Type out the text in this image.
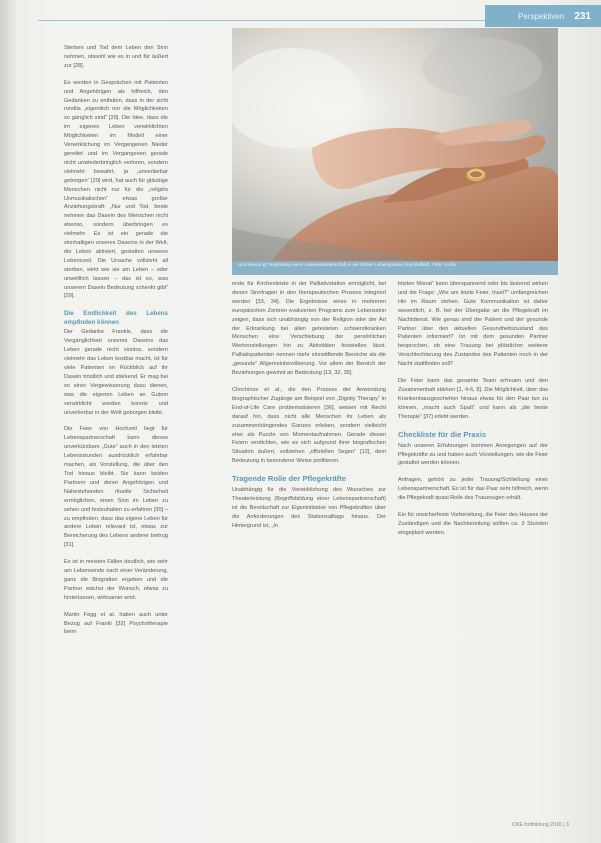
Perspektiven 231

Sterben und Tod dem Leben den Sinn nehmen, obwohl wie es in und für äußert zur [28].

Es werden in Gesprächen mit Patienten und Angehörigen als hilfreich, den Gedanken zu entfalten, dass in der sicht rundlia „eigentlich nur die Möglichkeiten so gänglich sind“ [29]. Die Idee, dass die im eigenen Leben verwirklichten Möglichkeiten im Modell einer Verwirklichung im Vergangenen Nieder gerettet und im Vergangenen gerade nicht unwiederbringlich verloren, sondern vielmehr bewahrt, ja „unverlierbar geborgen“ [29] wird, hat auch für gläubige Menschen nicht nur für die „religiös Unmusikalischen“ etwas großer Anziehungskraft: „Nur und Tod, beide nehmen das Dasein des Menschen nicht ebenso, sondern überbringen es vielmehr. Es ist ein gerade die sinnhaltigen unseres Daseins in der Welt, die Leben aktiviert, gestalten unseres Lebenszeit. Die Ursache vollzieht all sterben, wirkt wie sie am Leben – oder unweltlich lassen – das ist es, was unserem Dasein Bedeutung schenkt gibt“ [29].

Die Endlichkeit des Lebens empfinden können

Der Gedanke Frankls, dass die Vergänglichkeit unseres Daseins das Leben gerade nicht sinnlos, sondern vielmehr das Leben kostbar macht, ist für viele Patienten im Rückblick auf ihr Dasein tröstlich und stärkend. Er mag bei so einer Vergewisserung dazu dienen, was die eigenen Leben an Gutem verwirklicht werden konnte und unverlierbar in der Welt geborgen bleibt.

Die Feier von Hochzeit liegt für Lebenspartnerschaft kann dieses unverkürzbare „Gute“ auch in den letzten Lebensstunden ausdrücklich erfahrbar machen, als Vorstellung, die über den Tod hinaus bleibt. Sie kann beiden Partnern und deren Angehörigen und Nahestehenden rituelle Sicherheit ermöglichen, einen Sinn im Leben zu sehen und festzuhalten zu erfahren [30] – zu empfinden, dass das eigene Leben für andere Leben relevant ist, etwas zur Bereicherung des Lebens anderer beitrug [31].

Es ist in meisten Fällen deutlich, wie sehr am Lebensende nach einer Veränderung, ganz die Biografien ergeben und die Partner wächst der Wunsch, etwas zu hinterlassen, wirksamer wird.

Martin Fegg et al. haben auch unter Bezug auf Frankl [32] Psychotherapie beim

Hochfeierung? Begleitung eines Lebenspartnerschaft in der letzten Lebensphase (Symbolbild). Foto: Archiv

erste für Kirchenleiste in der Palliativstation ermöglicht, bei denen Sinnfragen in den therapeutischen Prozess integriert werden [33, 34]. Die Ergebnisse eines in mehreren europäischen Zentren evaluierten Programs zum Lebenssinn zeigen, dass sich unabhängig von der Religion oder der Art der Erkrankung bei allen getesteten schwerstkranken Menschen eine Verschiebung der persönlichen Wertvorstellungen hin zu Aktivitäten feststellen lässt. Palliativpatienten nennen mehr sinnstiftende Bereiche als die „gesunde“ Allgemeinbevölkerung. Vor allem der Bereich der Beziehungen gewinnt an Bedeutung [13, 32, 35].

Chochinov et al., die den Prozess der Anwendung biographischer Zugänge am Beispiel von „Dignity Therapy“ in End-of-Life Care problematisieren [36], weisen mit Recht darauf hin, dass nicht alle Menschen ihr Leben als zusammenhängendes Ganzes erleben, sondern vielleicht eher als Puzzle von Momentaufnahmen. Gerade diesen Feiern verdichten, wie es sich aufgrund ihrer biografischen Situation äußert, vollziehen „offiziellen Segen“ [12], dem Bedeutung in besonderer Weise profitieren.

Tragende Rolle der Pflegekräfte

Unabhängig für die Verwirklichung des Wunsches zur Theaterleistung (Begriffsbildung einer Lebenspartnerschaft) ist die Bereitschaft zur Eigeninitiative von Pflegekräften über die Anforderungen des Stationsalltags hinaus. Der Hintergrund ist, „In

letzten Monat“ kann überspannend oder bis läuternd wirken und die Frage: „Wie am letzte Feier, Insel?“ umfangreichen Hin im Raum stehen. Gute Kommunikation ist daher wesentlich, z. B. bei der Übergabe an die Pflegekraft im Nachtdienst. Wie genau sind der Patient und der gesunde Partner über den aktuellen Gesundheitszustand des Patienten informiert? Ist mit dem gesunden Partner besprochen, ob eine Trauung bei plötzlicher weiterer Verschlechterung des Zustandes des Patienten noch in der Nacht stattfinden soll?

Die Feier kann das gesamte Team erfreuen und den Zusammenhalt stärken [1, 4-6, 8]. Die Möglichkeit, über das Krankenhausgeschehen hinaus etwas für den Paar tun zu können, „macht auch Spaß“ und kann als „die beste Therapie“ [37] erlebt werden.

Checkliste für die Praxis

Nach unseren Erfahrungen kommen Anregungen auf der Pflegekräfte zu und haben auch Vorstellungen, wie die Feier gestaltet werden können.

Anfragen, gehört zu jeder Trauung/Schließung einer Lebenspartnerschaft. Es ist für das Paar sehr hilfreich, wenn die Pflegekraft quasi Rolle des Trauzeugen erhält.

Ein für unsicherfeste Vorbereitung, die Feier des Hauses der Zuständigen und die Nachbereitung sollten ca. 3 Stunden eingeplant werden.

CNE.fortbildung 2016 | 3
